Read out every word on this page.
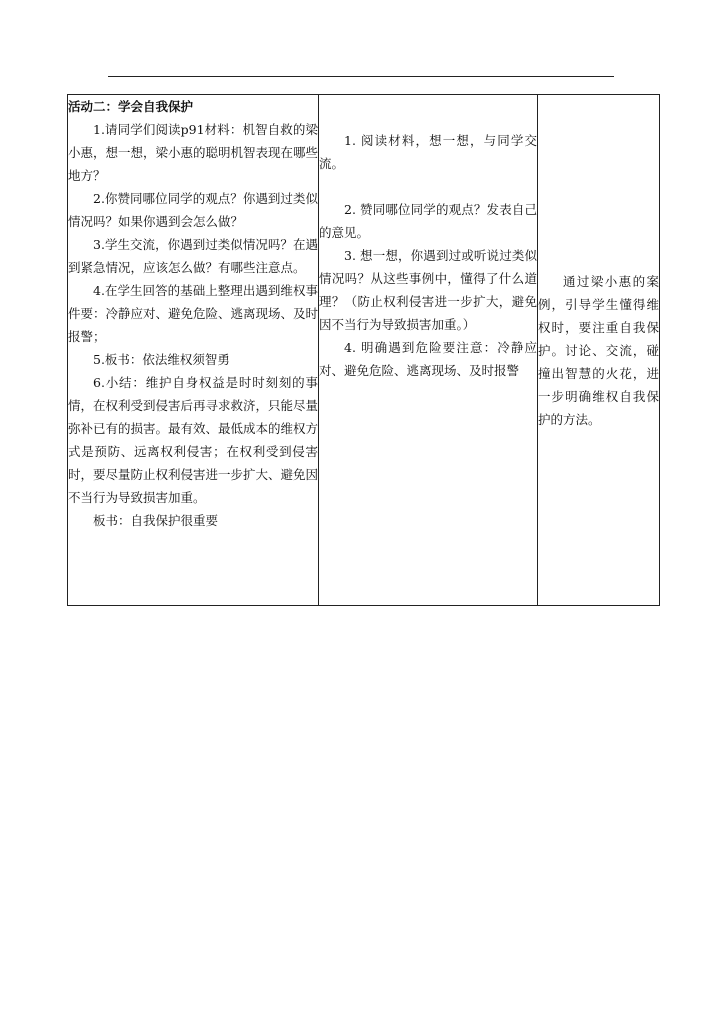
活动二：学会自我保护
1.请同学们阅读p91材料：机智自救的梁小惠，想一想，梁小惠的聪明机智表现在哪些地方？
2.你赞同哪位同学的观点？你遇到过类似情况吗？如果你遇到会怎么做？
3.学生交流，你遇到过类似情况吗？在遇到紧急情况，应该怎么做？有哪些注意点。
4.在学生回答的基础上整理出遇到维权事件要：冷静应对、避免危险、逃离现场、及时报警；
5.板书：依法维权须智勇
6.小结：维护自身权益是时时刻刻的事情，在权利受到侵害后再寻求救济，只能尽量弥补已有的损害。最有效、最低成本的维权方式是预防、远离权利侵害；在权利受到侵害时，要尽量防止权利侵害进一步扩大、避免因不当行为导致损害加重。
板书：自我保护很重要

1. 阅读材料，想一想，与同学交流。
2. 赞同哪位同学的观点？发表自己的意见。
3. 想一想，你遇到过或听说过类似情况吗？从这些事例中，懂得了什么道理？（防止权利侵害进一步扩大，避免因不当行为导致损害加重。）
4. 明确遇到危险要注意：冷静应对、避免危险、逃离现场、及时报警

通过梁小惠的案例，引导学生懂得维权时，要注重自我保护。讨论、交流，碰撞出智慧的火花，进一步明确维权自我保护的方法。
